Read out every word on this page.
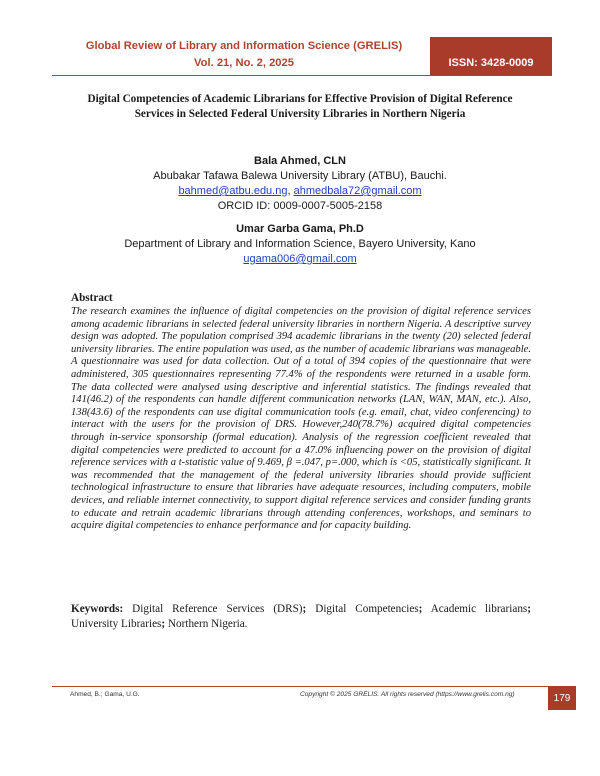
Global Review of Library and Information Science (GRELIS)
Vol. 21, No. 2, 2025	ISSN: 3428-0009
Digital Competencies of Academic Librarians for Effective Provision of Digital Reference
Services in Selected Federal University Libraries in Northern Nigeria
Bala Ahmed, CLN
Abubakar Tafawa Balewa University Library (ATBU), Bauchi.
bahmed@atbu.edu.ng, ahmedbala72@gmail.com
ORCID ID: 0009-0007-5005-2158
Umar Garba Gama, Ph.D
Department of Library and Information Science, Bayero University, Kano
ugama006@gmail.com
Abstract
The research examines the influence of digital competencies on the provision of digital reference services among academic librarians in selected federal university libraries in northern Nigeria. A descriptive survey design was adopted. The population comprised 394 academic librarians in the twenty (20) selected federal university libraries. The entire population was used, as the number of academic librarians was manageable. A questionnaire was used for data collection. Out of a total of 394 copies of the questionnaire that were administered, 305 questionnaires representing 77.4% of the respondents were returned in a usable form. The data collected were analysed using descriptive and inferential statistics. The findings revealed that 141(46.2) of the respondents can handle different communication networks (LAN, WAN, MAN, etc.). Also, 138(43.6) of the respondents can use digital communication tools (e.g. email, chat, video conferencing) to interact with the users for the provision of DRS. However,240(78.7%) acquired digital competencies through in-service sponsorship (formal education). Analysis of the regression coefficient revealed that digital competencies were predicted to account for a 47.0% influencing power on the provision of digital reference services with a t-statistic value of 9.469, β =.047, p=.000, which is <05, statistically significant. It was recommended that the management of the federal university libraries should provide sufficient technological infrastructure to ensure that libraries have adequate resources, including computers, mobile devices, and reliable internet connectivity, to support digital reference services and consider funding grants to educate and retrain academic librarians through attending conferences, workshops, and seminars to acquire digital competencies to enhance performance and for capacity building.
Keywords: Digital Reference Services (DRS); Digital Competencies; Academic librarians; University Libraries; Northern Nigeria.
Ahmed, B.; Gama, U.G.	Copyright © 2025 GRELIS. All rights reserved (https://www.grelis.com.ng)	179
